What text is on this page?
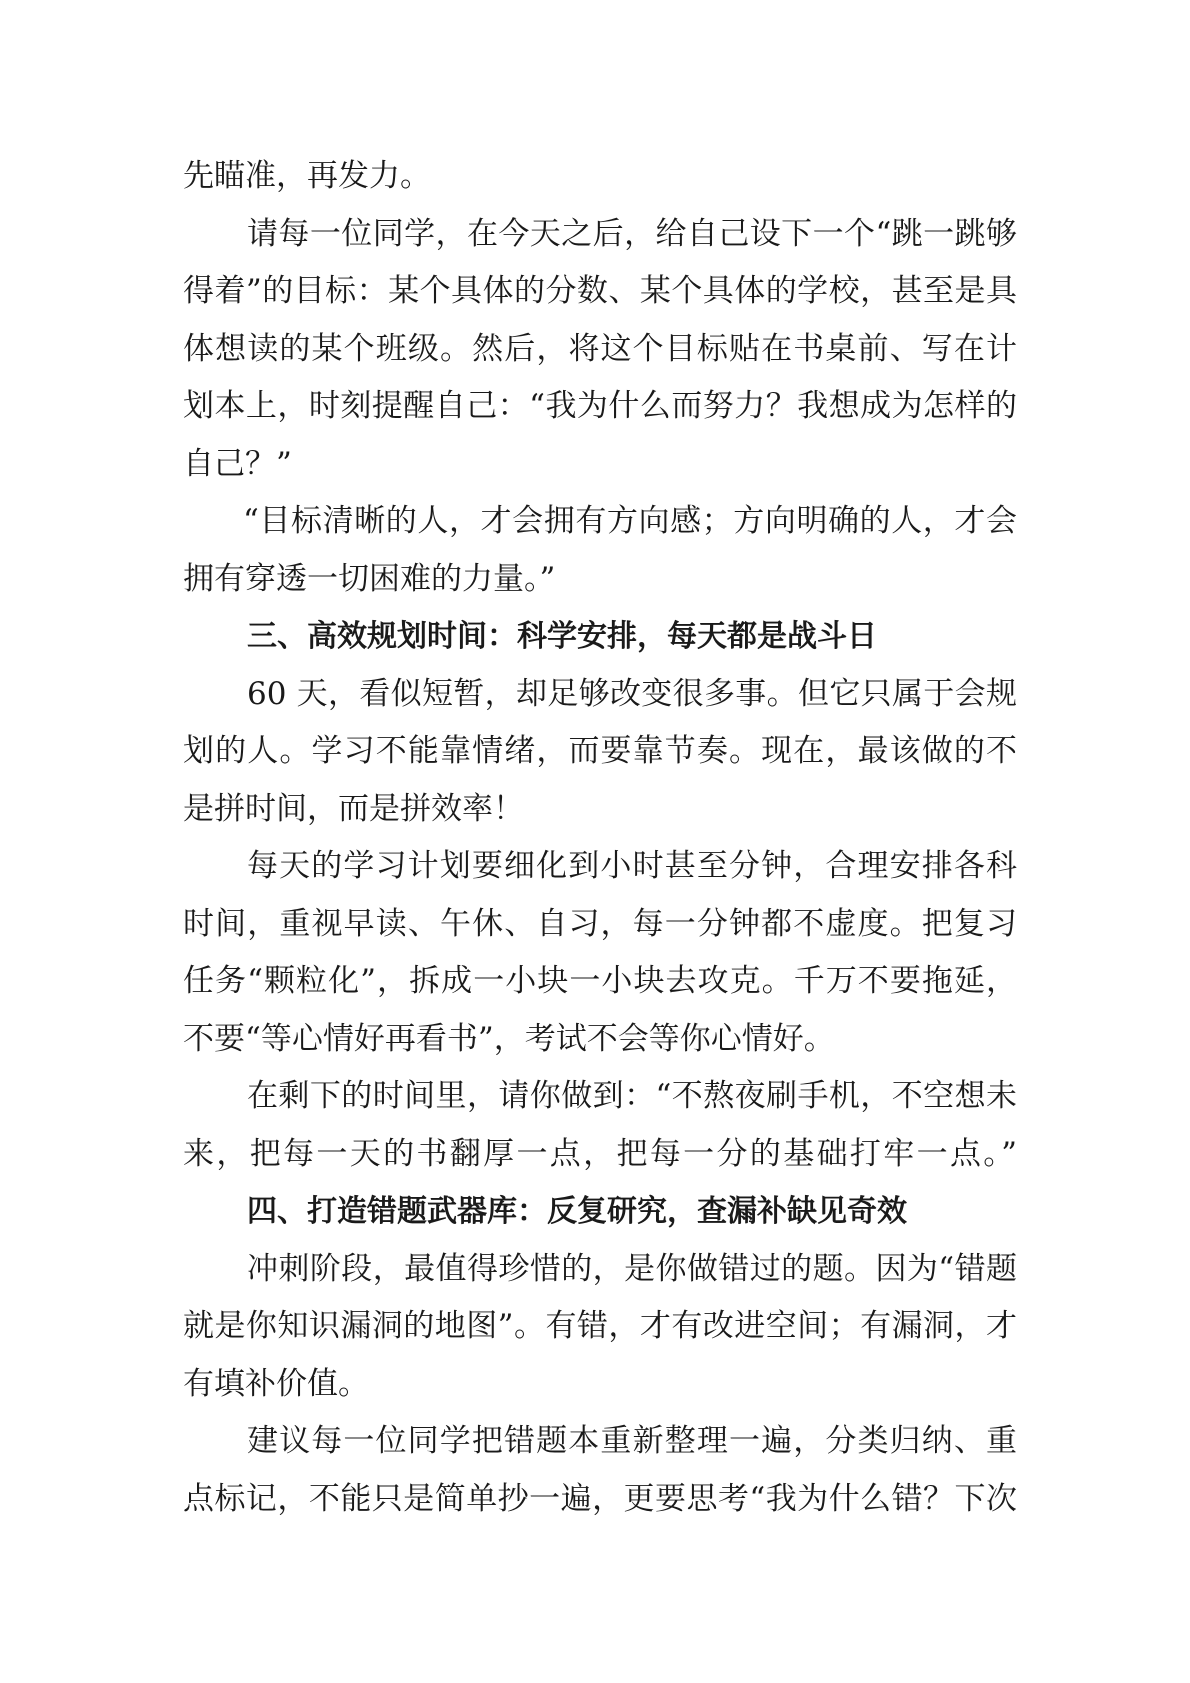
先瞄准，再发力。
请每一位同学，在今天之后，给自己设下一个“跳一跳够
得着”的目标：某个具体的分数、某个具体的学校，甚至是具
体想读的某个班级。然后，将这个目标贴在书桌前、写在计
划本上，时刻提醒自己：“我为什么而努力？我想成为怎样的
自己？”
“目标清晰的人，才会拥有方向感；方向明确的人，才会
拥有穿透一切困难的力量。”
三、高效规划时间：科学安排，每天都是战斗日
60 天，看似短暂，却足够改变很多事。但它只属于会规
划的人。学习不能靠情绪，而要靠节奏。现在，最该做的不
是拼时间，而是拼效率！
每天的学习计划要细化到小时甚至分钟，合理安排各科
时间，重视早读、午休、自习，每一分钟都不虚度。把复习
任务“颗粒化”，拆成一小块一小块去攻克。千万不要拖延，
不要“等心情好再看书”，考试不会等你心情好。
在剩下的时间里，请你做到：“不熬夜刷手机，不空想未
来，把每一天的书翻厚一点，把每一分的基础打牢一点。”
四、打造错题武器库：反复研究，查漏补缺见奇效
冲刺阶段，最值得珍惜的，是你做错过的题。因为“错题
就是你知识漏洞的地图”。有错，才有改进空间；有漏洞，才
有填补价值。
建议每一位同学把错题本重新整理一遍，分类归纳、重
点标记，不能只是简单抄一遍，更要思考“我为什么错？下次
